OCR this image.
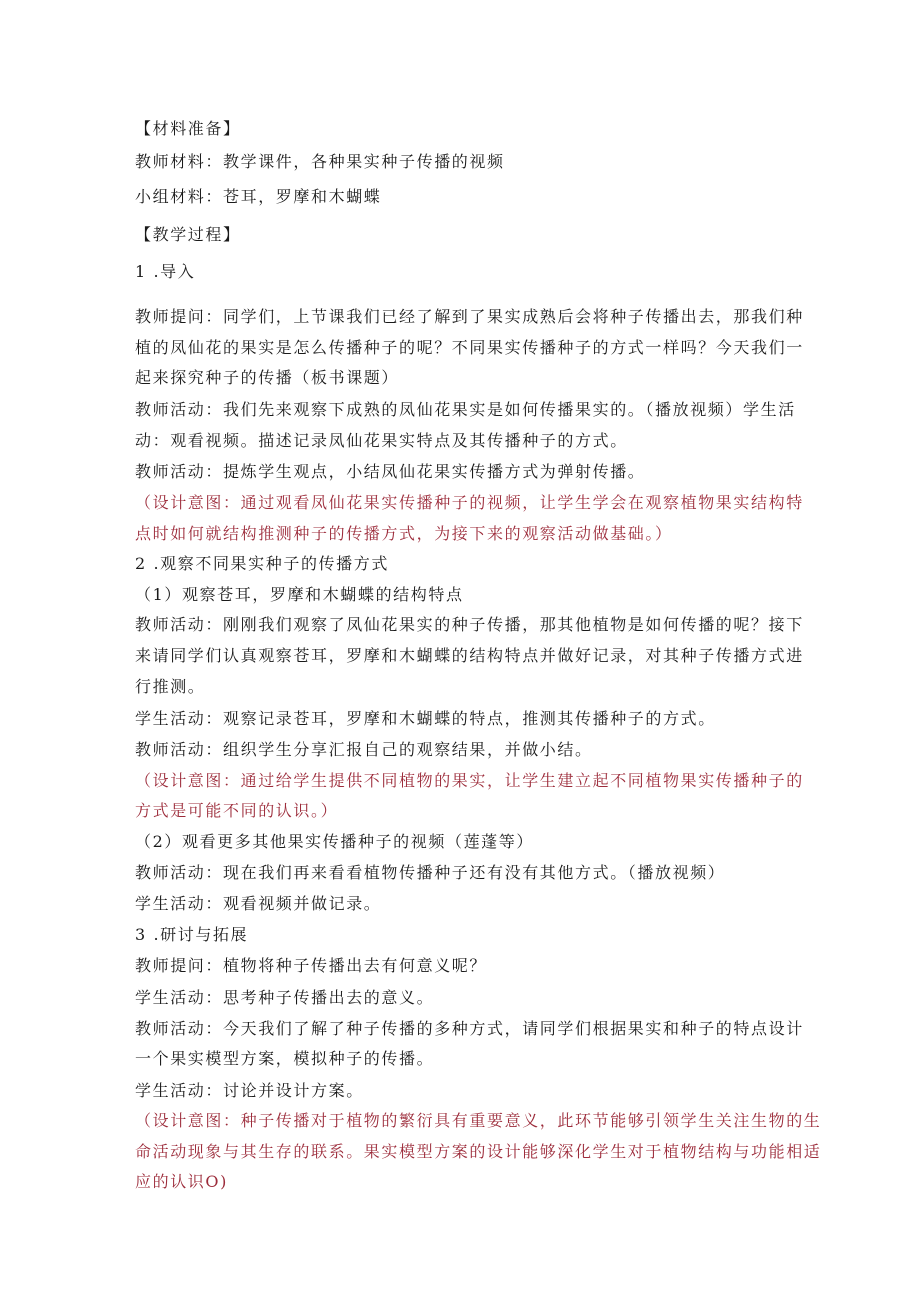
【材料准备】
教师材料：教学课件，各种果实种子传播的视频
小组材料：苍耳，罗摩和木蝴蝶
【教学过程】
1 .导入
教师提问：同学们，上节课我们已经了解到了果实成熟后会将种子传播出去，那我们种
植的凤仙花的果实是怎么传播种子的呢？不同果实传播种子的方式一样吗？今天我们一
起来探究种子的传播（板书课题）
教师活动：我们先来观察下成熟的凤仙花果实是如何传播果实的。（播放视频）学生活
动：观看视频。描述记录凤仙花果实特点及其传播种子的方式。
教师活动：提炼学生观点，小结凤仙花果实传播方式为弹射传播。
（设计意图：通过观看凤仙花果实传播种子的视频，让学生学会在观察植物果实结构特
点时如何就结构推测种子的传播方式，为接下来的观察活动做基础。）
2 .观察不同果实种子的传播方式
（1）观察苍耳，罗摩和木蝴蝶的结构特点
教师活动：刚刚我们观察了凤仙花果实的种子传播，那其他植物是如何传播的呢？接下
来请同学们认真观察苍耳，罗摩和木蝴蝶的结构特点并做好记录，对其种子传播方式进
行推测。
学生活动：观察记录苍耳，罗摩和木蝴蝶的特点，推测其传播种子的方式。
教师活动：组织学生分享汇报自己的观察结果，并做小结。
（设计意图：通过给学生提供不同植物的果实，让学生建立起不同植物果实传播种子的
方式是可能不同的认识。）
（2）观看更多其他果实传播种子的视频（莲蓬等）
教师活动：现在我们再来看看植物传播种子还有没有其他方式。（播放视频）
学生活动：观看视频并做记录。
3 .研讨与拓展
教师提问：植物将种子传播出去有何意义呢？
学生活动：思考种子传播出去的意义。
教师活动：今天我们了解了种子传播的多种方式，请同学们根据果实和种子的特点设计
一个果实模型方案，模拟种子的传播。
学生活动：讨论并设计方案。
（设计意图：种子传播对于植物的繁衍具有重要意义，此环节能够引领学生关注生物的生
命活动现象与其生存的联系。果实模型方案的设计能够深化学生对于植物结构与功能相适
应的认识O)
